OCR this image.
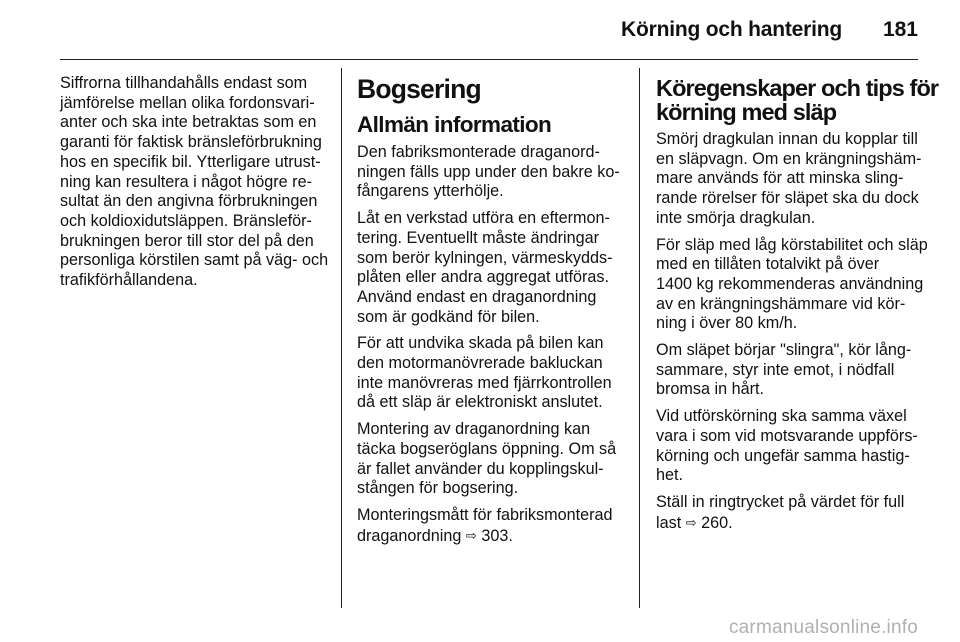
Körning och hantering 181

Siffrorna tillhandahålls endast som
jämförelse mellan olika fordonsvari-
anter och ska inte betraktas som en
garanti för faktisk bränsleförbrukning
hos en specifik bil. Ytterligare utrust-
ning kan resultera i något högre re-
sultat än den angivna förbrukningen
och koldioxidutsläppen. Bränsleför-
brukningen beror till stor del på den
personliga körstilen samt på väg- och
trafikförhållandena.

Bogsering
Allmän information

Den fabriksmonterade draganord-
ningen fälls upp under den bakre ko-
fångarens ytterhölje.

Låt en verkstad utföra en eftermon-
tering. Eventuellt måste ändringar
som berör kylningen, värmeskydds-
plåten eller andra aggregat utföras.
Använd endast en draganordning
som är godkänd för bilen.

För att undvika skada på bilen kan
den motormanövrerade bakluckan
inte manövreras med fjärrkontrollen
då ett släp är elektroniskt anslutet.

Montering av draganordning kan
täcka bogseröglans öppning. Om så
är fallet använder du kopplingskul-
stången för bogsering.

Monteringsmått för fabriksmonterad
draganordning ⇨ 303.

Köregenskaper och tips för
körning med släp

Smörj dragkulan innan du kopplar till
en släpvagn. Om en krängningshäm-
mare används för att minska sling-
rande rörelser för släpet ska du dock
inte smörja dragkulan.

För släp med låg körstabilitet och släp
med en tillåten totalvikt på över
1400 kg rekommenderas användning
av en krängningshämmare vid kör-
ning i över 80 km/h.

Om släpet börjar "slingra", kör lång-
sammare, styr inte emot, i nödfall
bromsa in hårt.

Vid utförskörning ska samma växel
vara i som vid motsvarande uppförs-
körning och ungefär samma hastig-
het.

Ställ in ringtrycket på värdet för full
last ⇨ 260.

carmanualsonline.info
